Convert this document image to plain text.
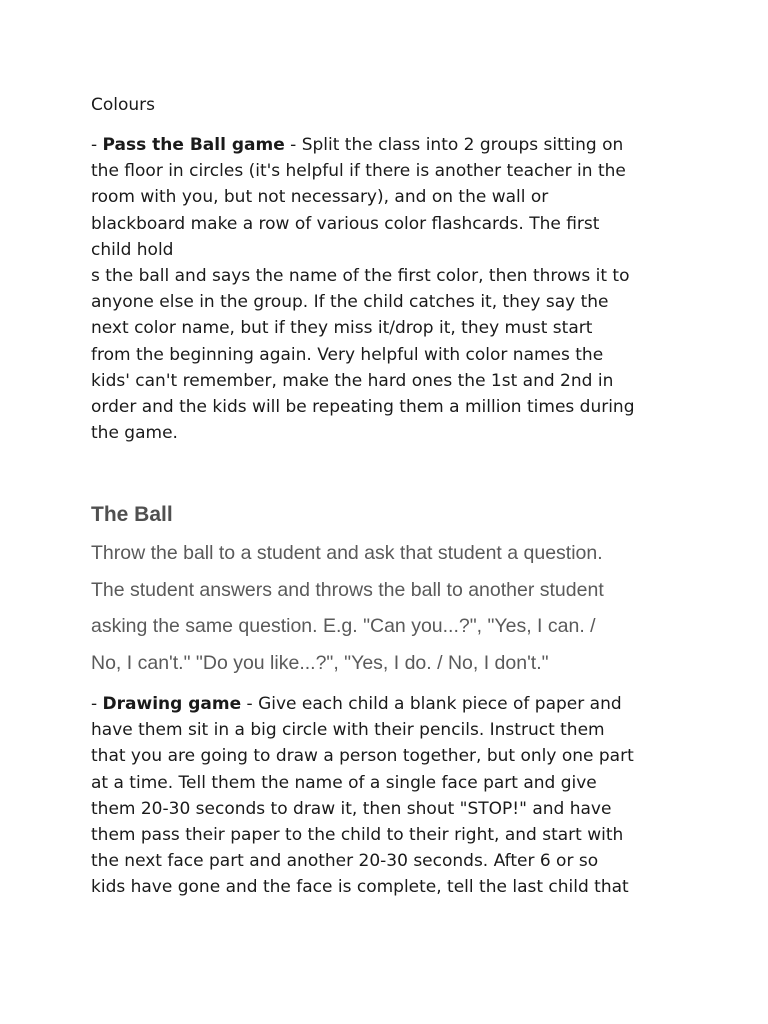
Colours

- Pass the Ball game - Split the class into 2 groups sitting on
the floor in circles (it's helpful if there is another teacher in the
room with you, but not necessary), and on the wall or
blackboard make a row of various color flashcards. The first
child hold
s the ball and says the name of the first color, then throws it to
anyone else in the group. If the child catches it, they say the
next color name, but if they miss it/drop it, they must start
from the beginning again. Very helpful with color names the
kids' can't remember, make the hard ones the 1st and 2nd in
order and the kids will be repeating them a million times during
the game.
The Ball
Throw the ball to a student and ask that student a question.
The student answers and throws the ball to another student
asking the same question. E.g. "Can you...?", "Yes, I can. /
No, I can't." "Do you like...?", "Yes, I do. / No, I don't."
- Drawing game - Give each child a blank piece of paper and
have them sit in a big circle with their pencils. Instruct them
that you are going to draw a person together, but only one part
at a time. Tell them the name of a single face part and give
them 20-30 seconds to draw it, then shout "STOP!" and have
them pass their paper to the child to their right, and start with
the next face part and another 20-30 seconds. After 6 or so
kids have gone and the face is complete, tell the last child that
